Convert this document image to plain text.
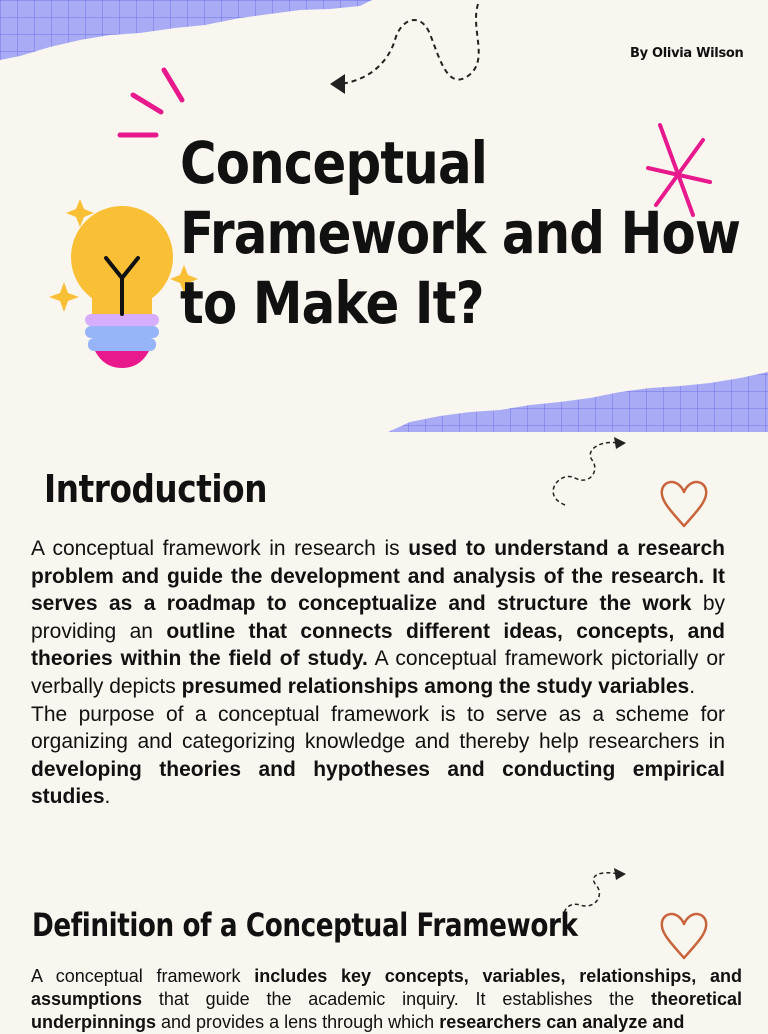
By Olivia Wilson
Conceptual
Framework and How
to Make It?
Introduction

A conceptual framework in research is used to understand a research problem and guide the development and analysis of the research. It serves as a roadmap to conceptualize and structure the work by providing an outline that connects different ideas, concepts, and theories within the field of study. A conceptual framework pictorially or verbally depicts presumed relationships among the study variables.

The purpose of a conceptual framework is to serve as a scheme for organizing and categorizing knowledge and thereby help researchers in developing theories and hypotheses and conducting empirical studies.

Definition of a Conceptual Framework

A conceptual framework includes key concepts, variables, relationships, and assumptions that guide the academic inquiry. It establishes the theoretical underpinnings and provides a lens through which researchers can analyze and
